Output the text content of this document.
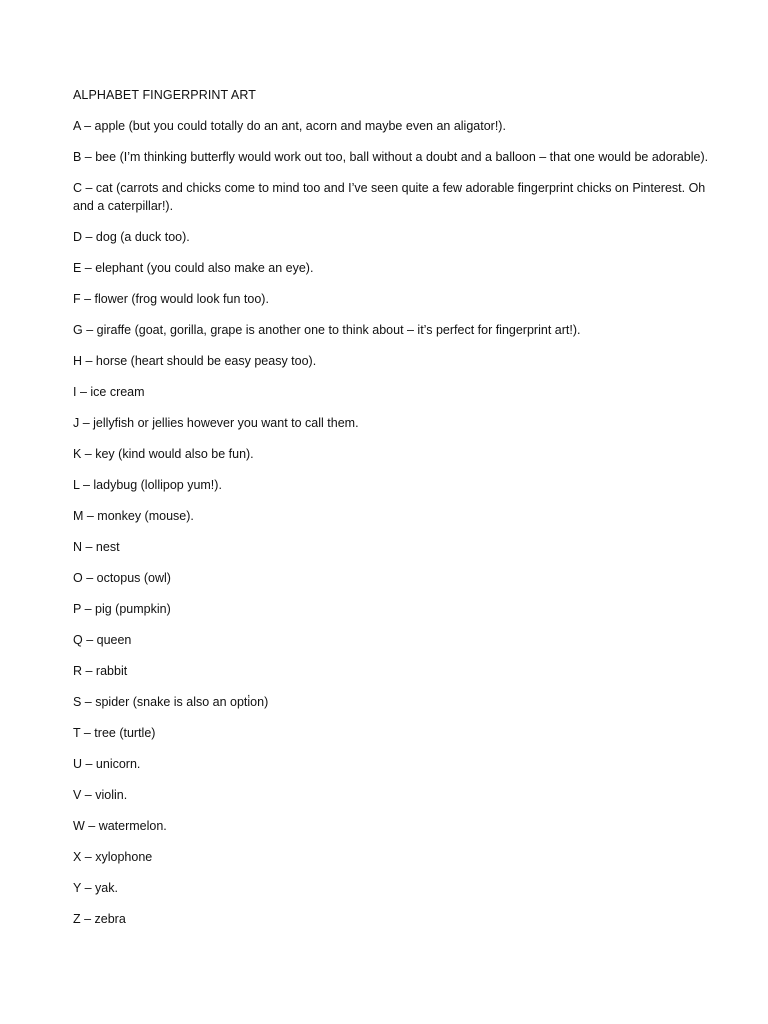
ALPHABET FINGERPRINT ART
A – apple (but you could totally do an ant, acorn and maybe even an aligator!).
B – bee (I’m thinking butterfly would work out too, ball without a doubt and a balloon – that one would be adorable).
C – cat (carrots and chicks come to mind too and I’ve seen quite a few adorable fingerprint chicks on Pinterest. Oh and a caterpillar!).
D – dog (a duck too).
E – elephant (you could also make an eye).
F – flower (frog would look fun too).
G – giraffe (goat, gorilla, grape is another one to think about – it’s perfect for fingerprint art!).
H – horse (heart should be easy peasy too).
I – ice cream
J – jellyfish or jellies however you want to call them.
K – key (kind would also be fun).
L – ladybug (lollipop yum!).
M – monkey (mouse).
N – nest
O – octopus (owl)
P – pig (pumpkin)
Q – queen
R – rabbit
S – spider (snake is also an opti̇on)
T – tree (turtle)
U – unicorn.
V – violin.
W – watermelon.
X – xylophone
Y – yak.
Z – zebra
